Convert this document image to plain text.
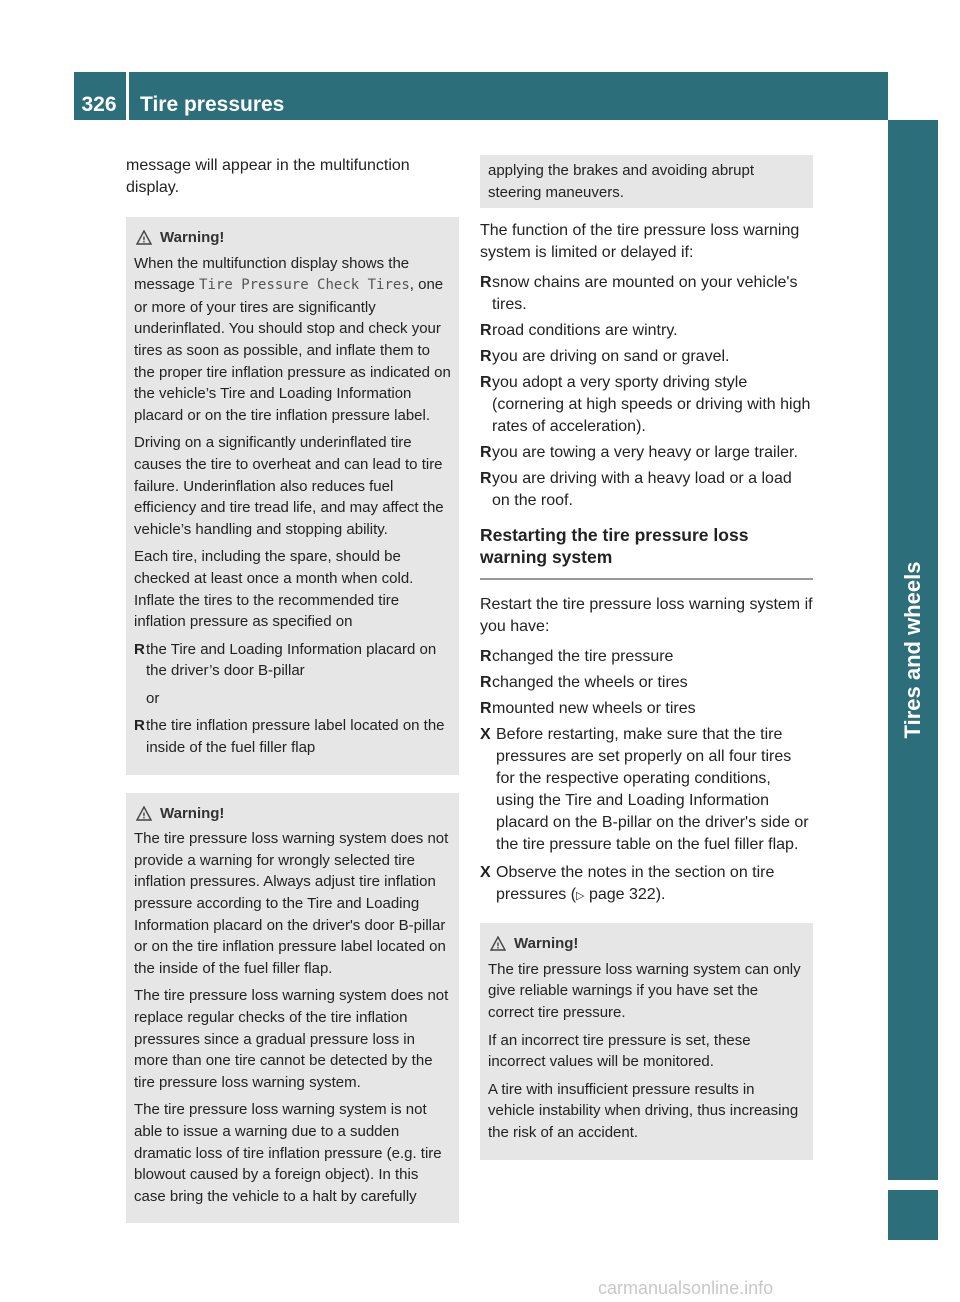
326	Tire pressures
Tires and wheels

message will appear in the multifunction display.

! Warning!

When the multifunction display shows the message Tire Pressure Check Tires, one or more of your tires are significantly underinflated. You should stop and check your tires as soon as possible, and inflate them to the proper tire inflation pressure as indicated on the vehicle’s Tire and Loading Information placard or on the tire inflation pressure label.

Driving on a significantly underinflated tire causes the tire to overheat and can lead to tire failure. Underinflation also reduces fuel efficiency and tire tread life, and may affect the vehicle’s handling and stopping ability.

Each tire, including the spare, should be checked at least once a month when cold. Inflate the tires to the recommended tire inflation pressure as specified on

R the Tire and Loading Information placard on the driver’s door B-pillar
or
R the tire inflation pressure label located on the inside of the fuel filler flap
! Warning!

The tire pressure loss warning system does not provide a warning for wrongly selected tire inflation pressures. Always adjust tire inflation pressure according to the Tire and Loading Information placard on the driver's door B-pillar or on the tire inflation pressure label located on the inside of the fuel filler flap.

The tire pressure loss warning system does not replace regular checks of the tire inflation pressures since a gradual pressure loss in more than one tire cannot be detected by the tire pressure loss warning system.

The tire pressure loss warning system is not able to issue a warning due to a sudden dramatic loss of tire inflation pressure (e.g. tire blowout caused by a foreign object). In this case bring the vehicle to a halt by carefully

applying the brakes and avoiding abrupt steering maneuvers.

The function of the tire pressure loss warning system is limited or delayed if:

R snow chains are mounted on your vehicle's tires.
R road conditions are wintry.
R you are driving on sand or gravel.
R you adopt a very sporty driving style (cornering at high speeds or driving with high rates of acceleration).
R you are towing a very heavy or large trailer.
R you are driving with a heavy load or a load on the roof.
Restarting the tire pressure loss warning system

Restart the tire pressure loss warning system if you have:

R changed the tire pressure
R changed the wheels or tires
R mounted new wheels or tires
X Before restarting, make sure that the tire pressures are set properly on all four tires for the respective operating conditions, using the Tire and Loading Information placard on the B-pillar on the driver's side or the tire pressure table on the fuel filler flap.
X Observe the notes in the section on tire pressures (▷ page 322).
! Warning!

The tire pressure loss warning system can only give reliable warnings if you have set the correct tire pressure.

If an incorrect tire pressure is set, these incorrect values will be monitored.

A tire with insufficient pressure results in vehicle instability when driving, thus increasing the risk of an accident.

carmanualsonline.info
